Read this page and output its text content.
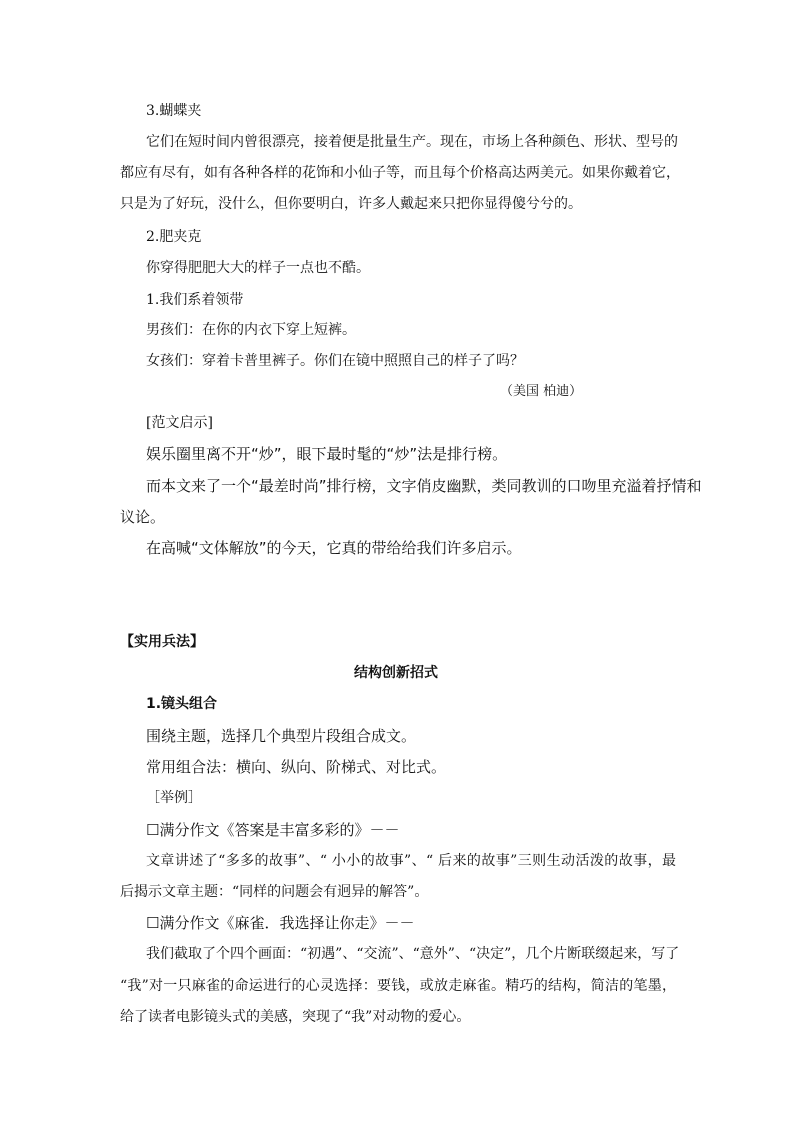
3.蝴蝶夹
它们在短时间内曾很漂亮，接着便是批量生产。现在，市场上各种颜色、形状、型号的
都应有尽有，如有各种各样的花饰和小仙子等，而且每个价格高达两美元。如果你戴着它，
只是为了好玩，没什么，但你要明白，许多人戴起来只把你显得傻兮兮的。
2.肥夹克
你穿得肥肥大大的样子一点也不酷。
1.我们系着领带
男孩们：在你的内衣下穿上短裤。
女孩们：穿着卡普里裤子。你们在镜中照照自己的样子了吗？
（美国 柏迪）
[范文启示]
娱乐圈里离不开“炒”，眼下最时髦的“炒”法是排行榜。
而本文来了一个“最差时尚”排行榜，文字俏皮幽默，类同教训的口吻里充溢着抒情和
议论。
在高喊“文体解放”的今天，它真的带给给我们许多启示。
【实用兵法】
结构创新招式
1.镜头组合
围绕主题，选择几个典型片段组合成文。
常用组合法：横向、纵向、阶梯式、对比式。
［举例］
☐满分作文《答案是丰富多彩的》－－
文章讲述了“多多的故事”、“ 小小的故事”、“ 后来的故事”三则生动活泼的故事，最
后揭示文章主题：“同样的问题会有迥异的解答”。
☐满分作文《麻雀．我选择让你走》－－
我们截取了个四个画面：“初遇”、“交流”、“意外”、“决定”，几个片断联缀起来，写了
“我”对一只麻雀的命运进行的心灵选择：要钱，或放走麻雀。精巧的结构，简洁的笔墨，
给了读者电影镜头式的美感，突现了“我”对动物的爱心。
